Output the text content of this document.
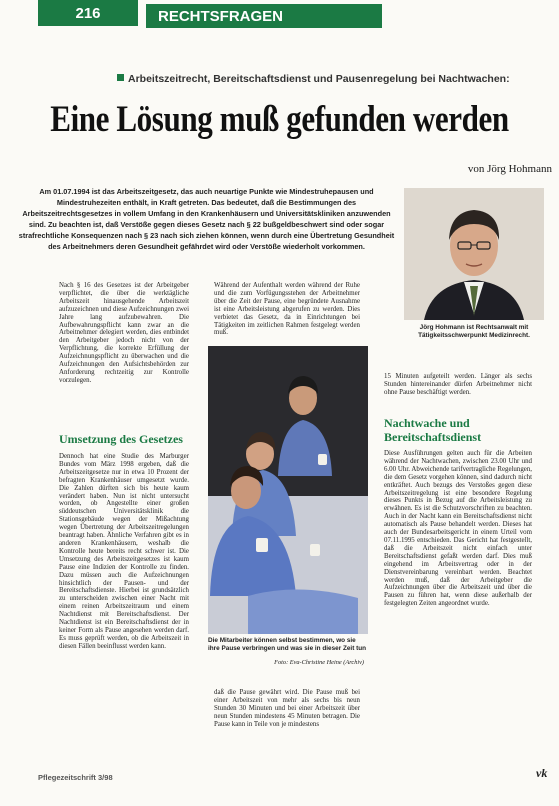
216	RECHTSFRAGEN
Arbeitszeitrecht, Bereitschaftsdienst und Pausenregelung bei Nachtwachen:
Eine Lösung muß gefunden werden
von Jörg Hohmann
Am 01.07.1994 ist das Arbeitszeitgesetz, das auch neuartige Punkte wie Mindestruhepausen und Mindestruhezeiten enthält, in Kraft getreten. Das bedeutet, daß die Bestimmungen des Arbeitszeitrechtsgesetzes in vollem Umfang in den Krankenhäusern und Universitätskliniken anzuwenden sind. Zu beachten ist, daß Verstöße gegen dieses Gesetz nach § 22 bußgeldbeschwert sind oder sogar strafrechtliche Konsequenzen nach § 23 nach sich ziehen können, wenn durch eine Übertretung Gesundheit des Arbeitnehmers deren Gesundheit gefährdet wird oder Verstöße wiederholt vorkommen.
Jörg Hohmann ist Rechtsanwalt mit Tätigkeitsschwerpunkt Medizinrecht.
Nach § 16 des Gesetzes ist der Arbeitgeber verpflichtet, die über die werktägliche Arbeitszeit hinausgehende Arbeitszeit aufzuzeichnen und diese Aufzeichnungen zwei Jahre lang aufzubewahren. Die Aufbewahrungspflicht kann zwar an die Arbeitnehmer delegiert werden, dies entbindet den Arbeitgeber jedoch nicht von der Verpflichtung, die korrekte Erfüllung der Aufzeichnungspflicht zu überwachen und die Aufzeichnungen den Aufsichtsbehörden zur Anforderung rechtzeitig zur Kontrolle vorzulegen.
Umsetzung des Gesetzes
Dennoch hat eine Studie des Marburger Bundes vom März 1998 ergeben, daß die Arbeitszeitgesetze nur in etwa 10 Prozent der befragten Krankenhäuser umgesetzt wurde. Die Zahlen dürften sich bis heute kaum verändert haben. Nun ist nicht untersucht worden, ob Angestellte einer großen süddeutschen Universitätsklinik die Stationsgebäude wegen der Mißachtung wegen Übertretung der Arbeitszeitregelungen beantragt haben. Ähnliche Verfahren gibt es in anderen Krankenhäusern, weshalb die Kontrolle heute bereits recht schwer ist. Die Umsetzung des Arbeitszeitgesetzes ist kaum Pause eine Indizien der Kontrolle zu finden. Dazu müssen auch die Aufzeichnungen hinsichtlich der Pausen- und der Bereitschaftsdienste. Hierbei ist grundsätzlich zu unterscheiden zwischen einer Nacht mit einem reinen Arbeitszeitraum und einem Nachtdienst mit Bereitschaftsdienst. Der Nachtdienst ist ein Bereitschaftsdienst der in keiner Form als Pause angesehen werden darf. Es muss geprüft werden, ob die Arbeitszeit in diesen Fällen beeinflusst werden kann.
Während der Aufenthalt werden während der Ruhe und die zum Vorfügungsstehen der Arbeitnehmer über die Zeit der Pause, eine begründete Ausnahme ist eine Arbeitsleistung abgerufen zu werden. Dies verbietet das Gesetz, da in Einrichtungen bei Tätigkeiten im zeitlichen Rahmen festgelegt werden muß.
Die Mitarbeiter können selbst bestimmen, wo sie ihre Pause verbringen und was sie in dieser Zeit tun
Foto: Eva-Christine Heine (Archiv)
daß die Pause gewährt wird. Die Pause muß bei einer Arbeitszeit von mehr als sechs bis neun Stunden 30 Minuten und bei einer Arbeitszeit über neun Stunden mindestens 45 Minuten betragen. Die Pause kann in Teile von je mindestens
15 Minuten aufgeteilt werden. Länger als sechs Stunden hintereinander dürfen Arbeitnehmer nicht ohne Pause beschäftigt werden.
Nachtwache und Bereitschaftsdienst
Diese Ausführungen gelten auch für die Arbeiten während der Nachtwachen, zwischen 23.00 Uhr und 6.00 Uhr. Abweichende tarifvertragliche Regelungen, die dem Gesetz vorgehen können, sind dadurch nicht entkräftet. Auch bezugs des Verstoßes gegen diese Arbeitszeitregelung ist eine besondere Regelung dieses Punkts in Bezug auf die Arbeitsleistung zu erwähnen. Es ist die Schutzvorschriften zu beachten. Auch in der Nacht kann ein Bereitschaftsdienst nicht automatisch als Pause behandelt werden. Dieses hat auch der Bundesarbeitsgericht in einem Urteil vom 07.11.1995 entschieden. Das Gericht hat festgestellt, daß die Arbeitszeit nicht einfach unter Bereitschaftsdienst gefaßt werden darf. Dies muß eingehend im Arbeitsvertrag oder in der Dienstvereinbarung vereinbart werden. Beachtet werden muß, daß der Arbeitgeber die Aufzeichnungen über die Arbeitszeit und über die Pausen zu führen hat, wenn diese außerhalb der festgelegten Zeiten angeordnet wurde.
Pflegezeitschrift 3/98	vk
